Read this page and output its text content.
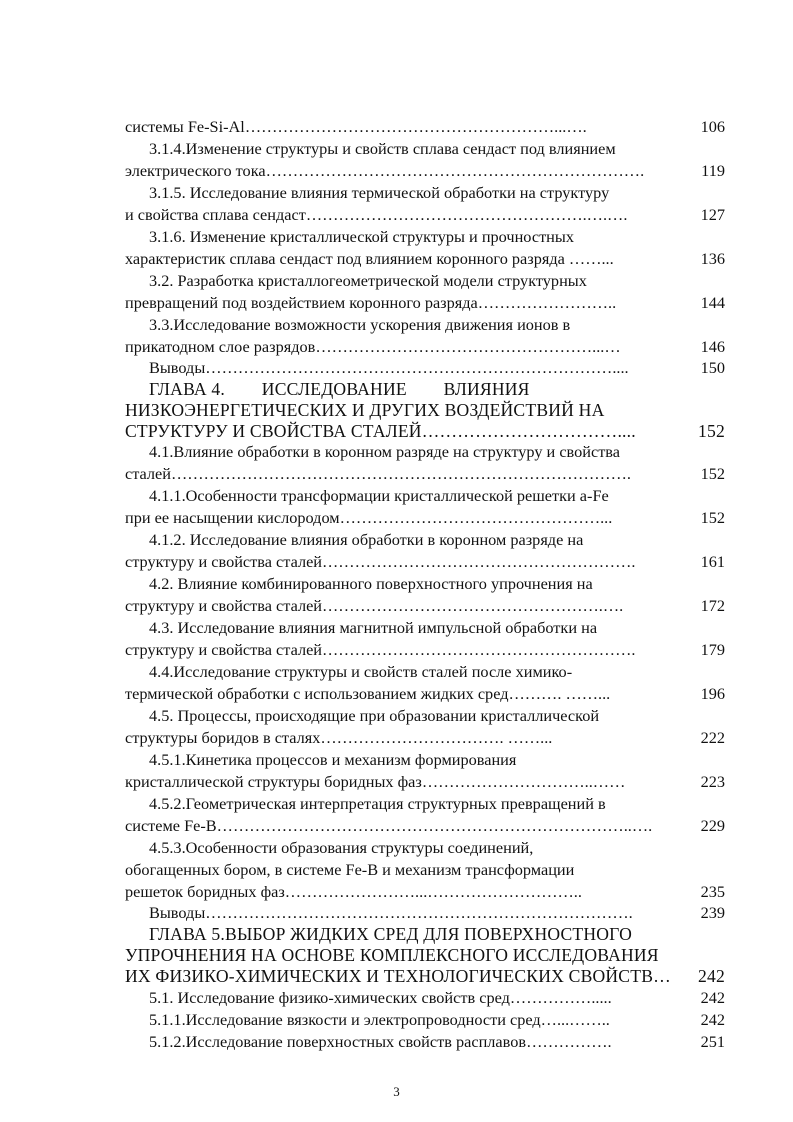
системы Fe-Si-Al …………………………………………………...….	106
3.1.4.Изменение структуры и свойств сплава сендаст под влиянием
электрического тока …………………………………………………………….	119
3.1.5. Исследование влияния термической обработки на структуру
и свойства сплава сендаст …………………………………………….….….	127
3.1.6. Изменение кристаллической структуры и прочностных
характеристик сплава сендаст под влиянием коронного разряда ……...	136
3.2. Разработка кристаллогеометрической модели структурных
превращений под воздействием коронного разряда ……………………..	144
3.3.Исследование возможности ускорения движения ионов в
прикатодном слое разрядов ……………………………………………...…	146
Выводы …………………………………………………………………....	150
ГЛАВА 4.        ИССЛЕДОВАНИЕ        ВЛИЯНИЯ
НИЗКОЭНЕРГЕТИЧЕСКИХ И ДРУГИХ ВОЗДЕЙСТВИЙ НА
СТРУКТУРУ И СВОЙСТВА СТАЛЕЙ ……………………………....	152
4.1.Влияние обработки в коронном разряде на структуру и свойства
сталей ………………………………………………………………………….	152
4.1.1.Особенности трансформации кристаллической решетки a-Fe
при ее насыщении кислородом …………………………………………...	152
4.1.2. Исследование влияния обработки в коронном разряде на
структуру и свойства сталей ………………………………………………….	161
4.2. Влияние комбинированного поверхностного упрочнения на
структуру и свойства сталей …………………………………………….….	172
4.3. Исследование влияния магнитной импульсной обработки на
структуру и свойства сталей ………………………………………………….	179
4.4.Исследование структуры и свойств сталей после химико-
термической обработки с использованием жидких сред………. ……...	196
4.5. Процессы, происходящие при образовании кристаллической
структуры боридов в сталях……………………………. ……...	222
4.5.1.Кинетика процессов и механизм формирования
кристаллической структуры боридных фаз …………………………..……	223
4.5.2.Геометрическая интерпретация структурных превращений в
системе Fe-B …………………………………………………………………..….	229
4.5.3.Особенности образования структуры соединений,
обогащенных бором, в системе Fe-B и механизм трансформации
решеток боридных фаз ……………………...………………………..	235
Выводы …………………………………………………………………….	239
ГЛАВА 5.ВЫБОР ЖИДКИХ СРЕД ДЛЯ ПОВЕРХНОСТНОГО
УПРОЧНЕНИЯ НА ОСНОВЕ КОМПЛЕКСНОГО ИССЛЕДОВАНИЯ
ИХ ФИЗИКО-ХИМИЧЕСКИХ И ТЕХНОЛОГИЧЕСКИХ СВОЙСТВ… 242
5.1. Исследование физико-химических свойств сред …………….....	242
5.1.1.Исследование вязкости и электропроводности сред …...……..	242
5.1.2.Исследование поверхностных свойств расплавов …………….	251
3
